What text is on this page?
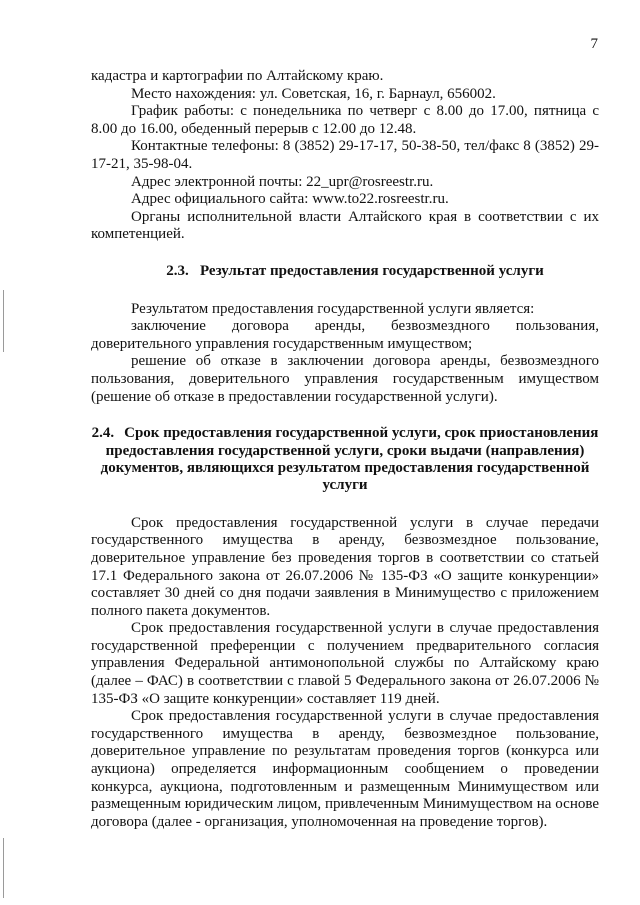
7

кадастра и картографии по Алтайскому краю.

Место нахождения: ул. Советская, 16, г. Барнаул, 656002.

График работы: с понедельника по четверг с 8.00 до 17.00, пятница с 8.00 до 16.00, обеденный перерыв с 12.00 до 12.48.

Контактные телефоны: 8 (3852) 29-17-17, 50-38-50, тел/факс 8 (3852) 29-17-21, 35-98-04.

Адрес электронной почты: 22_upr@rosreestr.ru.

Адрес официального сайта: www.to22.rosreestr.ru.

Органы исполнительной власти Алтайского края в соответствии с их компетенцией.

2.3. Результат предоставления государственной услуги

Результатом предоставления государственной услуги является:

заключение договора аренды, безвозмездного пользования, доверительного управления государственным имуществом;

решение об отказе в заключении договора аренды, безвозмездного пользования, доверительного управления государственным имуществом (решение об отказе в предоставлении государственной услуги).

2.4. Срок предоставления государственной услуги, срок приостановления предоставления государственной услуги, сроки выдачи (направления) документов, являющихся результатом предоставления государственной услуги

Срок предоставления государственной услуги в случае передачи государственного имущества в аренду, безвозмездное пользование, доверительное управление без проведения торгов в соответствии со статьей 17.1 Федерального закона от 26.07.2006 № 135-ФЗ «О защите конкуренции» составляет 30 дней со дня подачи заявления в Минимущество с приложением полного пакета документов.

Срок предоставления государственной услуги в случае предоставления государственной преференции с получением предварительного согласия управления Федеральной антимонопольной службы по Алтайскому краю (далее – ФАС) в соответствии с главой 5 Федерального закона от 26.07.2006 № 135-ФЗ «О защите конкуренции» составляет 119 дней.

Срок предоставления государственной услуги в случае предоставления государственного имущества в аренду, безвозмездное пользование, доверительное управление по результатам проведения торгов (конкурса или аукциона) определяется информационным сообщением о проведении конкурса, аукциона, подготовленным и размещенным Минимуществом или размещенным юридическим лицом, привлеченным Минимуществом на основе договора (далее - организация, уполномоченная на проведение торгов).
